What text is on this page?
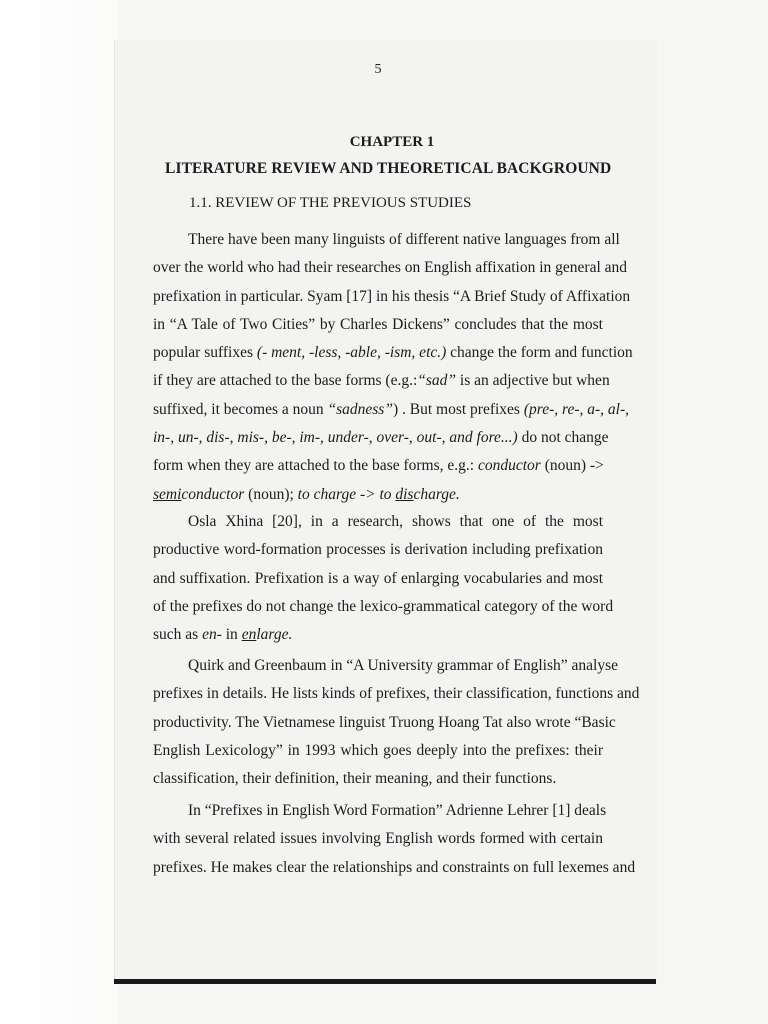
5
CHAPTER 1
LITERATURE REVIEW AND THEORETICAL BACKGROUND
1.1. REVIEW OF THE PREVIOUS STUDIES
There have been many linguists of different native languages from all
over the world who had their researches on English affixation in general and
prefixation in particular. Syam [17] in his thesis “A Brief Study of Affixation
in “A Tale of Two Cities” by Charles Dickens” concludes that the most
popular suffixes (- ment, -less, -able, -ism, etc.) change the form and function
if they are attached to the base forms (e.g.:“sad” is an adjective but when
suffixed, it becomes a noun “sadness”) . But most prefixes (pre-, re-, a-, al-,
in-, un-, dis-, mis-, be-, im-, under-, over-, out-, and fore...) do not change
form when they are attached to the base forms, e.g.: conductor (noun) ->
semiconductor (noun); to charge -> to discharge.
Osla Xhina [20], in a research, shows that one of the most
productive word-formation processes is derivation including prefixation
and suffixation. Prefixation is a way of enlarging vocabularies and most
of the prefixes do not change the lexico-grammatical category of the word
such as en- in enlarge.
Quirk and Greenbaum in “A University grammar of English” analyse
prefixes in details. He lists kinds of prefixes, their classification, functions and
productivity. The Vietnamese linguist Truong Hoang Tat also wrote “Basic
English Lexicology” in 1993 which goes deeply into the prefixes: their
classification, their definition, their meaning, and their functions.
In “Prefixes in English Word Formation” Adrienne Lehrer [1] deals
with several related issues involving English words formed with certain
prefixes. He makes clear the relationships and constraints on full lexemes and
